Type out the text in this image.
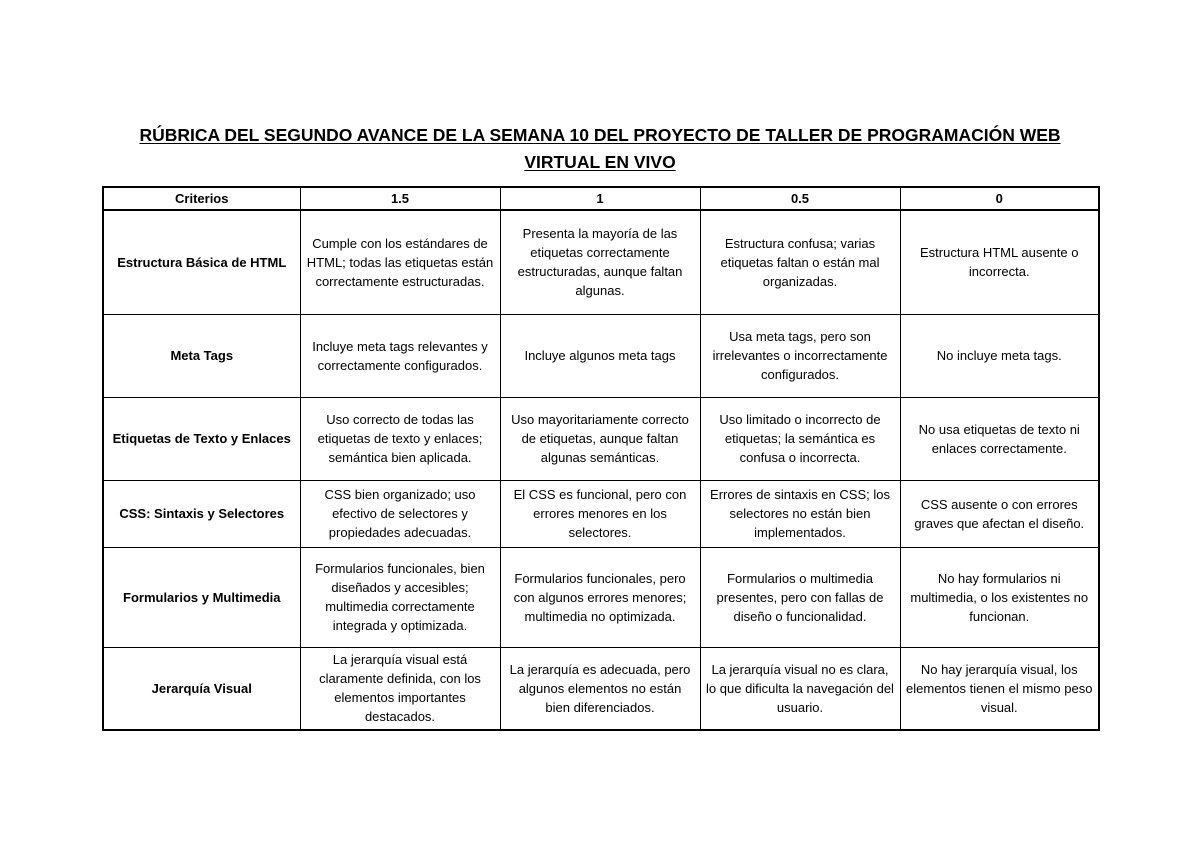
RÚBRICA DEL SEGUNDO AVANCE DE LA SEMANA 10 DEL PROYECTO DE TALLER DE PROGRAMACIÓN WEB VIRTUAL EN VIVO
Criterios	1.5	1	0.5	0
Estructura Básica de HTML	Cumple con los estándares de HTML; todas las etiquetas están correctamente estructuradas.	Presenta la mayoría de las etiquetas correctamente estructuradas, aunque faltan algunas.	Estructura confusa; varias etiquetas faltan o están mal organizadas.	Estructura HTML ausente o incorrecta.
Meta Tags	Incluye meta tags relevantes y correctamente configurados.	Incluye algunos meta tags	Usa meta tags, pero son irrelevantes o incorrectamente configurados.	No incluye meta tags.
Etiquetas de Texto y Enlaces	Uso correcto de todas las etiquetas de texto y enlaces; semántica bien aplicada.	Uso mayoritariamente correcto de etiquetas, aunque faltan algunas semánticas.	Uso limitado o incorrecto de etiquetas; la semántica es confusa o incorrecta.	No usa etiquetas de texto ni enlaces correctamente.
CSS: Sintaxis y Selectores	CSS bien organizado; uso efectivo de selectores y propiedades adecuadas.	El CSS es funcional, pero con errores menores en los selectores.	Errores de sintaxis en CSS; los selectores no están bien implementados.	CSS ausente o con errores graves que afectan el diseño.
Formularios y Multimedia	Formularios funcionales, bien diseñados y accesibles; multimedia correctamente integrada y optimizada.	Formularios funcionales, pero con algunos errores menores; multimedia no optimizada.	Formularios o multimedia presentes, pero con fallas de diseño o funcionalidad.	No hay formularios ni multimedia, o los existentes no funcionan.
Jerarquía Visual	La jerarquía visual está claramente definida, con los elementos importantes destacados.	La jerarquía es adecuada, pero algunos elementos no están bien diferenciados.	La jerarquía visual no es clara, lo que dificulta la navegación del usuario.	No hay jerarquía visual, los elementos tienen el mismo peso visual.
